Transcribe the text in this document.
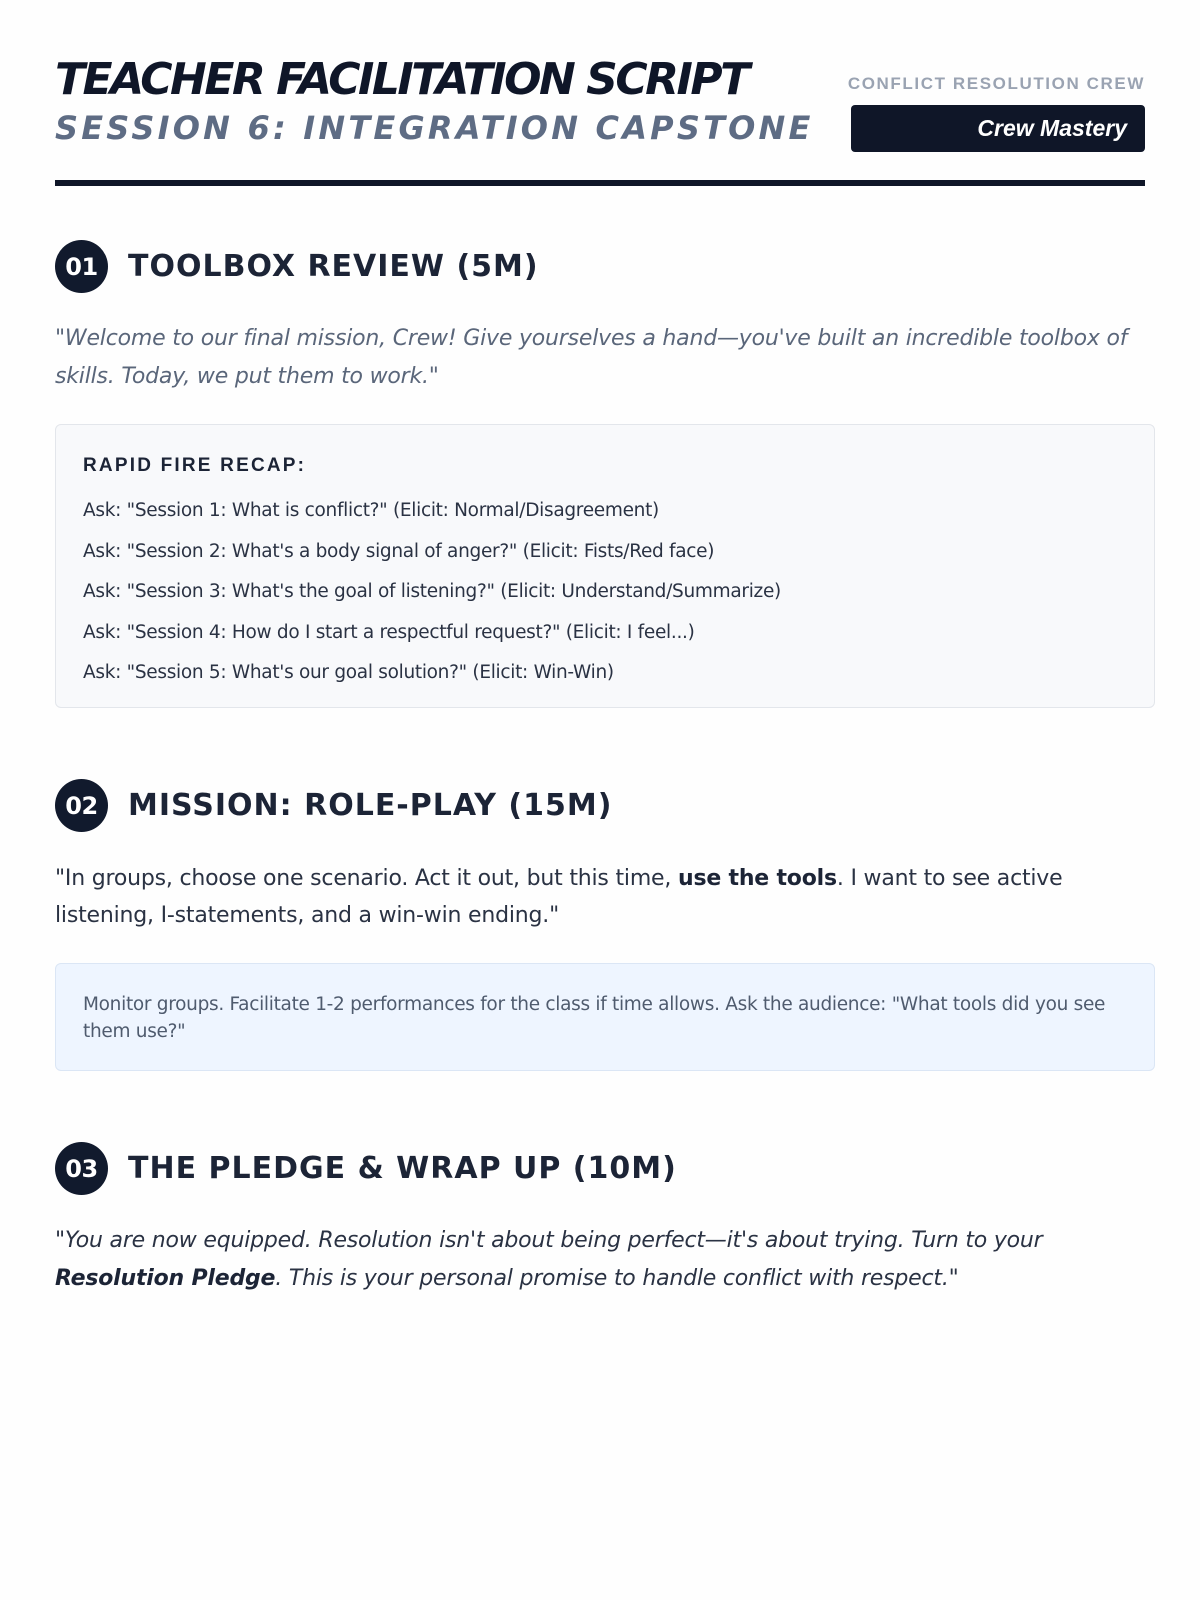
TEACHER FACILITATION SCRIPT
SESSION 6: INTEGRATION CAPSTONE
CONFLICT RESOLUTION CREW
Crew Mastery
01	TOOLBOX REVIEW (5M)

"Welcome to our final mission, Crew! Give yourselves a hand—you've built an incredible toolbox of skills. Today, we put them to work."

RAPID FIRE RECAP:
Ask: "Session 1: What is conflict?" (Elicit: Normal/Disagreement)
Ask: "Session 2: What's a body signal of anger?" (Elicit: Fists/Red face)
Ask: "Session 3: What's the goal of listening?" (Elicit: Understand/Summarize)
Ask: "Session 4: How do I start a respectful request?" (Elicit: I feel...)
Ask: "Session 5: What's our goal solution?" (Elicit: Win-Win)
02	MISSION: ROLE-PLAY (15M)

"In groups, choose one scenario. Act it out, but this time, use the tools. I want to see active listening, I-statements, and a win-win ending."

Monitor groups. Facilitate 1-2 performances for the class if time allows. Ask the audience: "What tools did you see them use?"
03	THE PLEDGE & WRAP UP (10M)

"You are now equipped. Resolution isn't about being perfect—it's about trying. Turn to your Resolution Pledge. This is your personal promise to handle conflict with respect."
